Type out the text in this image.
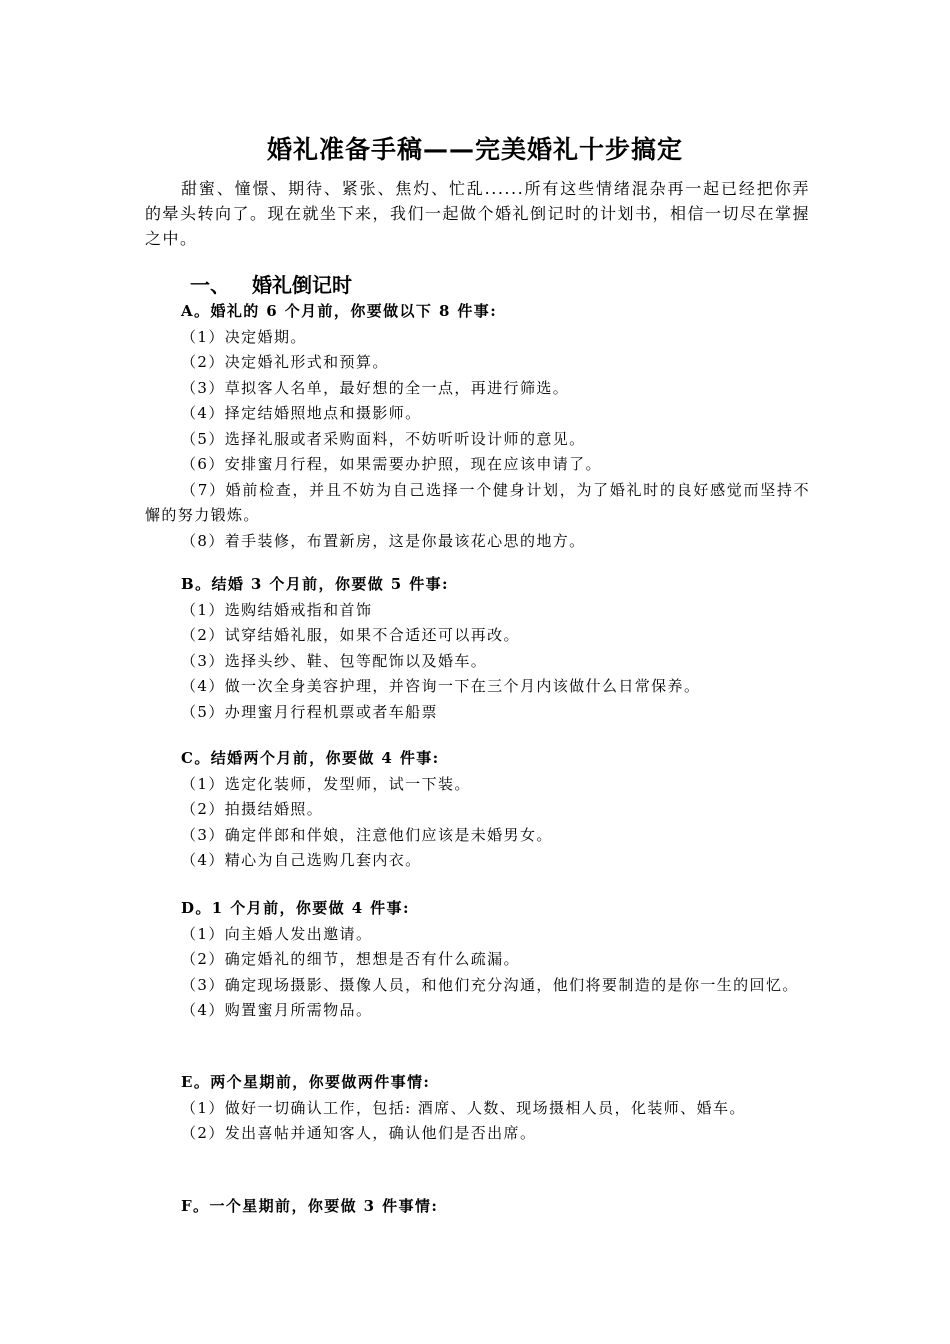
婚礼准备手稿——完美婚礼十步搞定

甜蜜、憧憬、期待、紧张、焦灼、忙乱......所有这些情绪混杂再一起已经把你弄的晕头转向了。现在就坐下来，我们一起做个婚礼倒记时的计划书，相信一切尽在掌握之中。

一、 婚礼倒记时

A。婚礼的 6 个月前，你要做以下 8 件事:

（1）决定婚期。

（2）决定婚礼形式和预算。

（3）草拟客人名单，最好想的全一点，再进行筛选。

（4）择定结婚照地点和摄影师。

（5）选择礼服或者采购面料，不妨听听设计师的意见。

（6）安排蜜月行程，如果需要办护照，现在应该申请了。

（7）婚前检查，并且不妨为自己选择一个健身计划，为了婚礼时的良好感觉而坚持不懈的努力锻炼。

（8）着手装修，布置新房，这是你最该花心思的地方。

B。结婚 3 个月前，你要做 5 件事:

（1）选购结婚戒指和首饰

（2）试穿结婚礼服，如果不合适还可以再改。

（3）选择头纱、鞋、包等配饰以及婚车。

（4）做一次全身美容护理，并咨询一下在三个月内该做什么日常保养。

（5）办理蜜月行程机票或者车船票

C。结婚两个月前，你要做 4 件事:

（1）选定化装师，发型师，试一下装。

（2）拍摄结婚照。

（3）确定伴郎和伴娘，注意他们应该是未婚男女。

（4）精心为自己选购几套内衣。

D。1 个月前，你要做 4 件事:

（1）向主婚人发出邀请。

（2）确定婚礼的细节，想想是否有什么疏漏。

（3）确定现场摄影、摄像人员，和他们充分沟通，他们将要制造的是你一生的回忆。

（4）购置蜜月所需物品。

E。两个星期前，你要做两件事情:

（1）做好一切确认工作，包括: 酒席、人数、现场摄相人员，化装师、婚车。

（2）发出喜帖并通知客人，确认他们是否出席。

F。一个星期前，你要做 3 件事情:
